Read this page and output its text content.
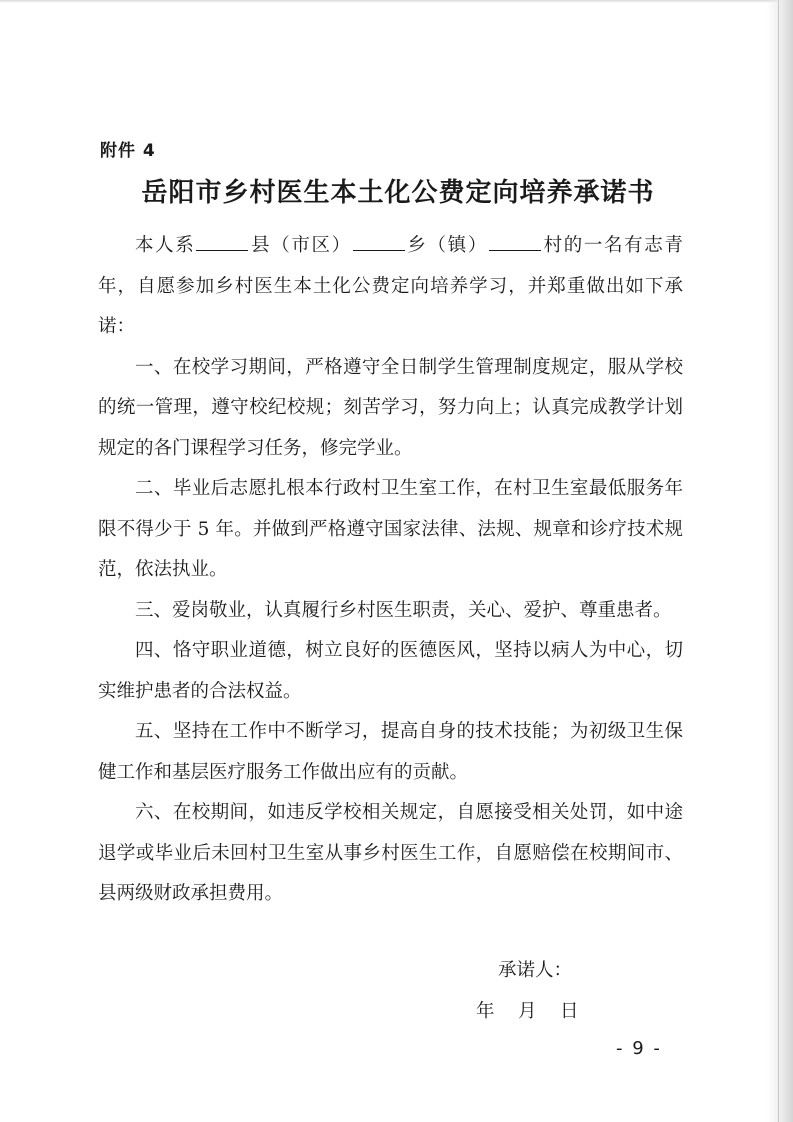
附件 4
岳阳市乡村医生本土化公费定向培养承诺书

本人系	县（市区）	乡（镇）	村的一名有志青年，自愿参加乡村医生本土化公费定向培养学习，并郑重做出如下承诺：

一、在校学习期间，严格遵守全日制学生管理制度规定，服从学校的统一管理，遵守校纪校规；刻苦学习，努力向上；认真完成教学计划规定的各门课程学习任务，修完学业。

二、毕业后志愿扎根本行政村卫生室工作，在村卫生室最低服务年限不得少于 5 年。并做到严格遵守国家法律、法规、规章和诊疗技术规范，依法执业。

三、爱岗敬业，认真履行乡村医生职责，关心、爱护、尊重患者。

四、恪守职业道德，树立良好的医德医风，坚持以病人为中心，切实维护患者的合法权益。

五、坚持在工作中不断学习，提高自身的技术技能；为初级卫生保健工作和基层医疗服务工作做出应有的贡献。

六、在校期间，如违反学校相关规定，自愿接受相关处罚，如中途退学或毕业后未回村卫生室从事乡村医生工作，自愿赔偿在校期间市、县两级财政承担费用。

承诺人：
年    月    日
- 9 -
